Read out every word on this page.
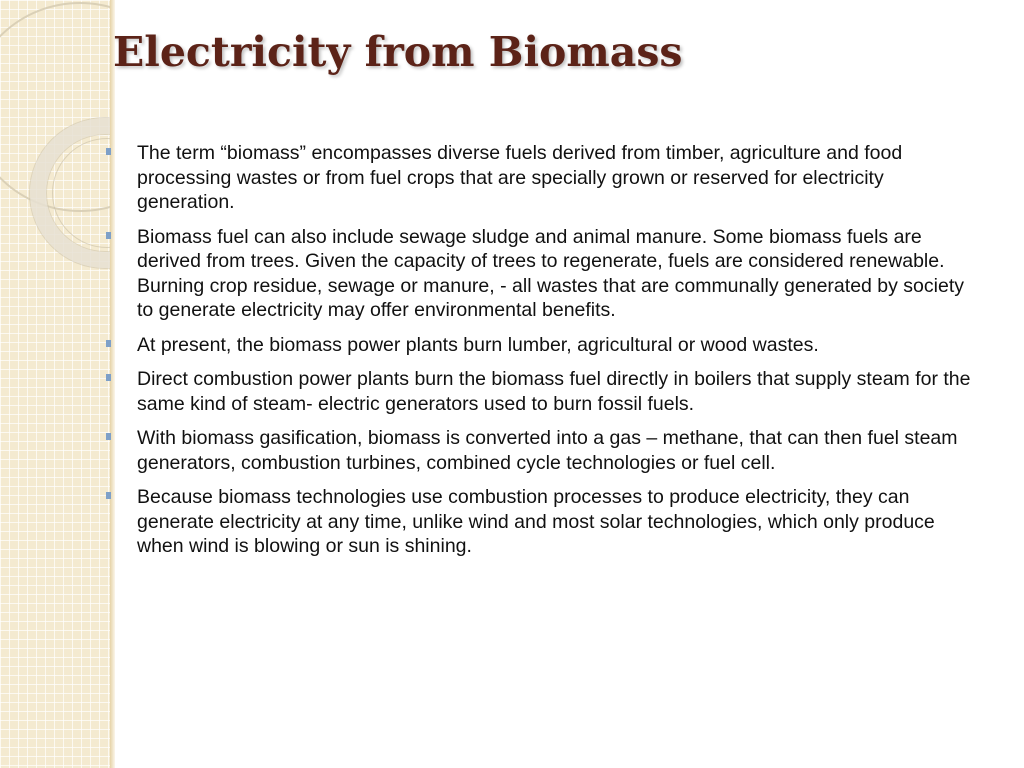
Electricity from Biomass
The term “biomass” encompasses diverse fuels derived from timber, agriculture and food processing wastes or from fuel crops that are specially grown or reserved for electricity generation.
Biomass fuel can also include sewage sludge and animal manure. Some biomass fuels are derived from trees. Given the capacity of trees to regenerate, fuels are considered renewable. Burning crop residue, sewage or manure, - all wastes that are communally generated by society to generate electricity may offer environmental benefits.
At present, the biomass power plants burn lumber, agricultural or wood wastes.
Direct combustion power plants burn the biomass fuel directly in boilers that supply steam for the same kind of steam- electric generators used to burn fossil fuels.
With biomass gasification, biomass is converted into a gas – methane, that can then fuel steam generators, combustion turbines, combined cycle technologies or fuel cell.
Because biomass technologies use combustion processes to produce electricity, they can generate electricity at any time, unlike wind and most solar technologies, which only produce when wind is blowing or sun is shining.
